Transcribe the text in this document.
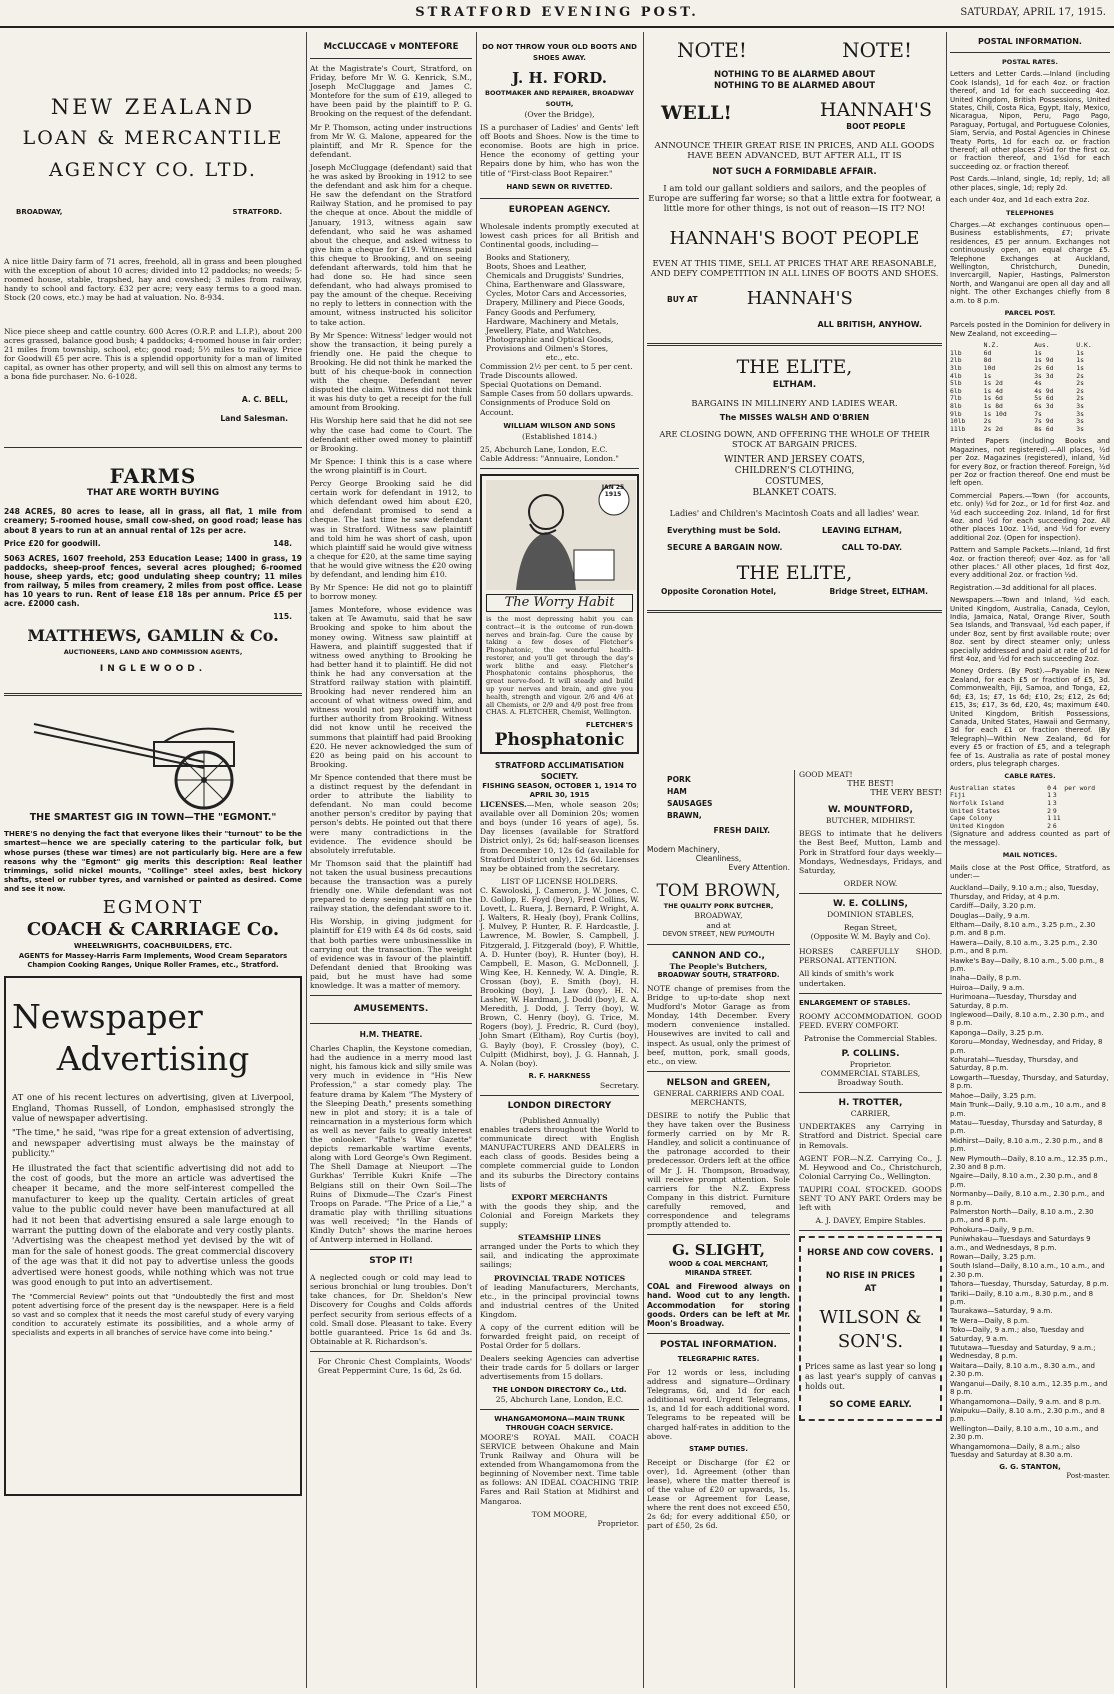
STRATFORD EVENING POST.	SATURDAY, APRIL 17, 1915.
NEW ZEALAND
LOAN & MERCANTILE
AGENCY CO. LTD.
BROADWAY,	STRATFORD.

A nice little Dairy farm of 71 acres, freehold, all in grass and been ploughed with the exception of about 10 acres; divided into 12 paddocks; no weeds; 5-roomed house, stable, trapshed, hay and cowshed; 3 miles from railway, handy to school and factory. £32 per acre; very easy terms to a good man. Stock (20 cows, etc.) may be had at valuation. No. 8-934.

Nice piece sheep and cattle country. 600 Acres (O.R.P. and L.I.P.), about 200 acres grassed, balance good bush; 4 paddocks; 4-roomed house in fair order; 21 miles from township, school, etc; good road; 5½ miles to railway. Price for Goodwill £5 per acre. This is a splendid opportunity for a man of limited capital, as owner has other property, and will sell this on almost any terms to a bona fide purchaser. No. 6-1028.

A. C. BELL,
Land Salesman.
FARMS
THAT ARE WORTH BUYING

248 ACRES, 80 acres to lease, all in grass, all flat, 1 mile from creamery; 5-roomed house, small cow-shed, on good road; lease has about 8 years to run at an annual rental of 12s per acre.

Price £20 for goodwill.	148.

5063 ACRES, 1607 freehold, 253 Education Lease; 1400 in grass, 19 paddocks, sheep-proof fences, several acres ploughed; 6-roomed house, sheep yards, etc; good undulating sheep country; 11 miles from railway, 5 miles from creamery, 2 miles from post office. Lease has 10 years to run. Rent of lease £18 18s per annum. Price £5 per acre. £2000 cash.

115.
MATTHEWS, GAMLIN & Co.
AUCTIONEERS, LAND AND COMMISSION AGENTS,
INGLEWOOD.
THE SMARTEST GIG IN TOWN—THE "EGMONT."

THERE'S no denying the fact that everyone likes their "turnout" to be the smartest—hence we are specially catering to the particular folk, but whose purses (these war times) are not particularly big. Here are a few reasons why the "Egmont" gig merits this description: Real leather trimmings, solid nickel mounts, "Collinge" steel axles, best hickory shafts, steel or rubber tyres, and varnished or painted as desired. Come and see it now.

EGMONT
COACH & CARRIAGE Co.
WHEELWRIGHTS, COACHBUILDERS, ETC.

AGENTS for Massey-Harris Farm Implements, Wood Cream Separators Champion Cooking Ranges, Unique Roller Frames, etc., Stratford.

Newspaper
Advertising

AT one of his recent lectures on advertising, given at Liverpool, England, Thomas Russell, of London, emphasised strongly the value of newspaper advertising.

"The time," he said, "was ripe for a great extension of advertising, and newspaper advertising must always be the mainstay of publicity."

He illustrated the fact that scientific advertising did not add to the cost of goods, but the more an article was advertised the cheaper it became, and the more self-interest compelled the manufacturer to keep up the quality. Certain articles of great value to the public could never have been manufactured at all had it not been that advertising ensured a sale large enough to warrant the putting down of the elaborate and very costly plants. 'Advertising was the cheapest method yet devised by the wit of man for the sale of honest goods. The great commercial discovery of the age was that it did not pay to advertise unless the goods advertised were honest goods, while nothing which was not true was good enough to put into an advertisement.

The "Commercial Review" points out that "Undoubtedly the first and most potent advertising force of the present day is the newspaper. Here is a field so vast and so complex that it needs the most careful study of every varying condition to accurately estimate its possibilities, and a whole army of specialists and experts in all branches of service have come into being."

McCLUCCAGE v MONTEFORE

At the Magistrate's Court, Stratford, on Friday, before Mr W. G. Kenrick, S.M., Joseph McCluggage and James C. Montefore for the sum of £19, alleged to have been paid by the plaintiff to P. G. Brooking on the request of the defendant.

Mr P. Thomson, acting under instructions from Mr W. G. Malone, appeared for the plaintiff, and Mr R. Spence for the defendant.

Joseph McCluggage (defendant) said that he was asked by Brooking in 1912 to see the defendant and ask him for a cheque. He saw the defendant on the Stratford Railway Station, and he promised to pay the cheque at once. About the middle of January, 1913, witness again saw defendant, who said he was ashamed about the cheque, and asked witness to give him a cheque for £19. Witness paid this cheque to Brooking, and on seeing defendant afterwards, told him that he had done so. He had since seen defendant, who had always promised to pay the amount of the cheque. Receiving no reply to letters in connection with the amount, witness instructed his solicitor to take action.

By Mr Spence: Witness' ledger would not show the transaction, it being purely a friendly one. He paid the cheque to Brooking. He did not think he marked the butt of his cheque-book in connection with the cheque. Defendant never disputed the claim. Witness did not think it was his duty to get a receipt for the full amount from Brooking.

His Worship here said that he did not see why the case had come to Court. The defendant either owed money to plaintiff or Brooking.

Mr Spence: I think this is a case where the wrong plaintiff is in Court.

Percy George Brooking said he did certain work for defendant in 1912, to which defendant owed him about £20, and defendant promised to send a cheque. The last time he saw defendant was in Stratford. Witness saw plaintiff and told him he was short of cash, upon which plaintiff said he would give witness a cheque for £20, at the same time saying that he would give witness the £20 owing by defendant, and lending him £10.

By Mr Spence: He did not go to plaintiff to borrow money.

James Montefore, whose evidence was taken at Te Awamutu, said that he saw Brooking and spoke to him about the money owing. Witness saw plaintiff at Hawera, and plaintiff suggested that if witness owed anything to Brooking he had better hand it to plaintiff. He did not think he had any conversation at the Stratford railway station with plaintiff. Brooking had never rendered him an account of what witness owed him, and witness would not pay plaintiff without further authority from Brooking. Witness did not know until he received the summons that plaintiff had paid Brooking £20. He never acknowledged the sum of £20 as being paid on his account to Brooking.

Mr Spence contended that there must be a distinct request by the defendant in order to attribute the liability to defendant. No man could become another person's creditor by paying that person's debts. He pointed out that there were many contradictions in the evidence. The evidence should be absolutely irrefutable.

Mr Thomson said that the plaintiff had not taken the usual business precautions because the transaction was a purely friendly one. While defendant was not prepared to deny seeing plaintiff on the railway station, the defendant swore to it.

His Worship, in giving judgment for plaintiff for £19 with £4 8s 6d costs, said that both parties were unbusinesslike in carrying out the transaction. The weight of evidence was in favour of the plaintiff. Defendant denied that Brooking was paid, but he must have had some knowledge. It was a matter of memory.

AMUSEMENTS.
H.M. THEATRE.

Charles Chaplin, the Keystone comedian, had the audience in a merry mood last night, his famous kick and silly smile was very much in evidence in "His New Profession," a star comedy play. The feature drama by Kalem "The Mystery of the Sleeping Death," presents something new in plot and story; it is a tale of reincarnation in a mysterious form which as well as never fails to greatly interest the onlooker. "Pathe's War Gazette" depicts remarkable wartime events, along with Lord George's Own Regiment. The Shell Damage at Nieuport —The Gurkhas' Terrible Kukri Knife —The Belgians still on their Own Soil—The Ruins of Dixmude—The Czar's Finest Troops on Parade. "The Price of a Lie," a dramatic play with thrilling situations was well received; "In the Hands of Kindly Dutch" shows the marine heroes of Antwerp interned in Holland.

STOP IT!

A neglected cough or cold may lead to serious bronchial or lung troubles. Don't take chances, for Dr. Sheldon's New Discovery for Coughs and Colds affords perfect security from serious effects of a cold. Small dose. Pleasant to take. Every bottle guaranteed. Price 1s 6d and 3s. Obtainable at R. Richardson's.

For Chronic Chest Complaints, Woods' Great Peppermint Cure, 1s 6d, 2s 6d.

DO NOT THROW YOUR OLD BOOTS AND SHOES AWAY.
J. H. FORD.
BOOTMAKER AND REPAIRER, BROADWAY SOUTH,
(Over the Bridge),

IS a purchaser of Ladies' and Gents' left off Boots and Shoes. Now is the time to economise. Boots are high in price. Hence the economy of getting your Repairs done by him, who has won the title of "First-class Boot Repairer."

HAND SEWN OR RIVETTED.
EUROPEAN AGENCY.

Wholesale indents promptly executed at lowest cash prices for all British and Continental goods, including—

Books and Stationery,
Boots, Shoes and Leather,
Chemicals and Druggists' Sundries,
China, Earthenware and Glassware,
Cycles, Motor Cars and Accessories,
Drapery, Millinery and Piece Goods,
Fancy Goods and Perfumery,
Hardware, Machinery and Metals,
Jewellery, Plate, and Watches,
Photographic and Optical Goods,
Provisions and Oilmen's Stores,
etc., etc.
Commission 2½ per cent. to 5 per cent.
Trade Discounts allowed.
Special Quotations on Demand.
Sample Cases from 50 dollars upwards.
Consignments of Produce Sold on Account.
WILLIAM WILSON AND SONS
(Established 1814.)
25, Abchurch Lane, London, E.C.
Cable Address: "Annuaire, London."
JAN 25 1915
The Worry Habit

is the most depressing habit you can contract—it is the outcome of run-down nerves and brain-fag. Cure the cause by taking a few doses of Fletcher's Phosphatonic, the wonderful health-restorer, and you'll get through the day's work blithe and easy. Fletcher's Phosphatonic contains phosphorus, the great nerve-food. It will steady and build up your nerves and brain, and give you health, strength and vigour. 2/6 and 4/6 at all Chemists, or 2/9 and 4/9 post free from CHAS. A. FLETCHER, Chemist, Wellington.

FLETCHER'S
Phosphatonic
STRATFORD ACCLIMATISATION SOCIETY.
FISHING SEASON, OCTOBER 1, 1914 TO APRIL 30, 1915

LICENSES.—Men, whole season 20s; available over all Dominion 20s; women and boys (under 16 years of age), 5s. Day licenses (available for Stratford District only), 2s 6d; half-season licenses from December 10, 12s 6d (available for Stratford District only), 12s 6d. Licenses may be obtained from the secretary.

LIST OF LICENSE HOLDERS.

C. Kawoloski, J. Cameron, J. W. Jones, C. D. Gollop, E. Foyd (boy), Fred Collins, W. Lovett, L. Ruera, J. Bernard, P. Wright, A. J. Walters, R. Healy (boy), Frank Collins, J. Mulvey, P. Hunter, R. F. Hardcastle, J. Lawrence, M. Bowler, S. Campbell, J. Fitzgerald, J. Fitzgerald (boy), F. Whittle, A. D. Hunter (boy), R. Hunter (boy), H. Campbell, E. Mason, G. McDonnell, J. Wing Kee, H. Kennedy, W. A. Dingle, R. Crossan (boy), E. Smith (boy), H. Brooking (boy), J. Law (boy), H. N. Lasher, W. Hardman, J. Dodd (boy), E. A. Meredith, J. Dodd, J. Terry (boy), W. Brown, C. Henry (boy), G. Trice, M. Rogers (boy), J. Fredric, R. Curd (boy), John Smart (Eltham), Roy Curtis (boy), G. Bayly (boy), F. Crossley (boy), C. Culpitt (Midhirst, boy), J. G. Hannah, J. A. Nolan (boy).

R. F. HARKNESS
Secretary.
LONDON DIRECTORY
(Published Annually)

enables traders throughout the World to communicate direct with English MANUFACTURERS AND DEALERS in each class of goods. Besides being a complete commercial guide to London and its suburbs the Directory contains lists of

EXPORT MERCHANTS

with the goods they ship, and the Colonial and Foreign Markets they supply;

STEAMSHIP LINES

arranged under the Ports to which they sail, and indicating the approximate sailings;

PROVINCIAL TRADE NOTICES

of leading Manufacturers, Merchants, etc., in the principal provincial towns and industrial centres of the United Kingdom.

A copy of the current edition will be forwarded freight paid, on receipt of Postal Order for 5 dollars.

Dealers seeking Agencies can advertise their trade cards for 5 dollars or larger advertisements from 15 dollars.

THE LONDON DIRECTORY Co., Ltd.
25, Abchurch Lane, London, E.C.
WHANGAMOMONA—MAIN TRUNK THROUGH COACH SERVICE.

MOORE'S ROYAL MAIL COACH SERVICE between Ohakune and Main Trunk Railway and Ohura will be extended from Whangamomona from the beginning of November next. Time table as follows: AN IDEAL COACHING TRIP. Fares and Rail Station at Midhirst and Mangaroa.

TOM MOORE,
Proprietor.
NOTE!	NOTE!
NOTHING TO BE ALARMED ABOUT
NOTHING TO BE ALARMED ABOUT
WELL!	HANNAH'S
BOOT PEOPLE

ANNOUNCE THEIR GREAT RISE IN PRICES, AND ALL GOODS HAVE BEEN ADVANCED, BUT AFTER ALL, IT IS

NOT SUCH A FORMIDABLE AFFAIR.

I am told our gallant soldiers and sailors, and the peoples of Europe are suffering far worse; so that a little extra for footwear, a little more for other things, is not out of reason—IS IT? NO!

HANNAH'S BOOT PEOPLE

EVEN AT THIS TIME, SELL AT PRICES THAT ARE REASONABLE, AND DEFY COMPETITION IN ALL LINES OF BOOTS AND SHOES.

BUY AT	HANNAH'S
ALL BRITISH, ANYHOW.
THE ELITE,
ELTHAM.
BARGAINS IN MILLINERY AND LADIES WEAR.
The MISSES WALSH AND O'BRIEN

ARE CLOSING DOWN, AND OFFERING THE WHOLE OF THEIR STOCK AT BARGAIN PRICES.

WINTER AND JERSEY COATS,
CHILDREN'S CLOTHING,
COSTUMES,
BLANKET COATS.
Ladies' and Children's Macintosh Coats and all ladies' wear.
Everything must be Sold.	LEAVING ELTHAM,
SECURE A BARGAIN NOW.	CALL TO-DAY.
THE ELITE,
Opposite Coronation Hotel,	Bridge Street, ELTHAM.
PORK
HAM
SAUSAGES
BRAWN,
FRESH DAILY.
Modern Machinery,
Cleanliness,
Every Attention.
TOM BROWN,
THE QUALITY PORK BUTCHER,
BROADWAY,
and at
DEVON STREET, NEW PLYMOUTH
CANNON AND CO.,
The People's Butchers,
BROADWAY SOUTH, STRATFORD.

NOTE change of premises from the Bridge to up-to-date shop next Mudford's Motor Garage as from Monday, 14th December. Every modern convenience installed. Housewives are invited to call and inspect. As usual, only the primest of beef, mutton, pork, small goods, etc., on view.

NELSON and GREEN,
GENERAL CARRIERS AND COAL MERCHANTS,

DESIRE to notify the Public that they have taken over the Business formerly carried on by Mr R. Handley, and solicit a continuance of the patronage accorded to their predecessor. Orders left at the office of Mr J. H. Thompson, Broadway, will receive prompt attention. Sole carriers for the N.Z. Express Company in this district. Furniture carefully removed, and correspondence and telegrams promptly attended to.

G. SLIGHT,
WOOD & COAL MERCHANT,
MIRANDA STREET.

COAL and Firewood always on hand. Wood cut to any length. Accommodation for storing goods. Orders can be left at Mr. Moon's Broadway.

POSTAL INFORMATION.
TELEGRAPHIC RATES.

For 12 words or less, including address and signature—Ordinary Telegrams, 6d, and 1d for each additional word. Urgent Telegrams, 1s, and 1d for each additional word. Telegrams to be repeated will be charged half-rates in addition to the above.

STAMP DUTIES.

Receipt or Discharge (for £2 or over), 1d. Agreement (other than lease), where the matter thereof is of the value of £20 or upwards, 1s. Lease or Agreement for Lease, where the rent does not exceed £50, 2s 6d; for every additional £50, or part of £50, 2s 6d.

GOOD MEAT!
THE BEST!
THE VERY BEST!
W. MOUNTFORD,
BUTCHER, MIDHIRST.

BEGS to intimate that he delivers the Best Beef, Mutton, Lamb and Pork in Stratford four days weekly—Mondays, Wednesdays, Fridays, and Saturday,

ORDER NOW.
W. E. COLLINS,
DOMINION STABLES,
Regan Street,
(Opposite W. M. Bayly and Co).

HORSES CAREFULLY SHOD. PERSONAL ATTENTION.

All kinds of smith's work undertaken.
ENLARGEMENT OF STABLES.

ROOMY ACCOMMODATION. GOOD FEED. EVERY COMFORT.

Patronise the Commercial Stables.
P. COLLINS.
Proprietor.
COMMERCIAL STABLES,
Broadway South.
H. TROTTER,
CARRIER,

UNDERTAKES any Carrying in Stratford and District. Special care in Removals.

AGENT FOR—N.Z. Carrying Co., J. M. Heywood and Co., Christchurch, Colonial Carrying Co., Wellington.

TAUPIRI COAL STOCKED. GOODS SENT TO ANY PART. Orders may be left with

A. J. DAVEY, Empire Stables.
HORSE AND COW COVERS.
NO RISE IN PRICES AT
WILSON & SON'S.

Prices same as last year so long as last year's supply of canvas holds out.

SO COME EARLY.
POSTAL INFORMATION.
POSTAL RATES.

Letters and Letter Cards.—Inland (including Cook Islands), 1d for each 4oz. or fraction thereof, and 1d for each succeeding 4oz. United Kingdom, British Possessions, United States, Chili, Costa Rica, Egypt, Italy, Mexico, Nicaragua, Nipon, Peru, Pago Pago, Paraguay, Portugal, and Portuguese Colonies, Siam, Servia, and Postal Agencies in Chinese Treaty Ports, 1d for each oz. or fraction thereof; all other places 2½d for the first oz. or fraction thereof, and 1½d for each succeeding oz. or fraction thereof.

Post Cards.—Inland, single, 1d; reply, 1d; all other places, single, 1d; reply 2d.

each under 4oz, and 1d each extra 2oz.

TELEPHONES

Charges.—At exchanges continuous open—Business establishments, £7; private residences, £5 per annum. Exchanges not continuously open, an equal charge £5. Telephone Exchanges at Auckland, Wellington, Christchurch, Dunedin, Invercargill, Napier, Hastings, Palmerston North, and Wanganui are open all day and all night. The other Exchanges chiefly from 8 a.m. to 8 p.m.

PARCEL POST.

Parcels posted in the Dominion for delivery in New Zealand, not exceeding—

	N.Z.	Aus.	U.K.
1lb	6d	1s	1s
2lb	8d	1s 9d	1s
3lb	10d	2s 6d	1s
4lb	1s	3s 3d	2s
5lb	1s 2d	4s	2s
6lb	1s 4d	4s 9d	2s
7lb	1s 6d	5s 6d	2s
8lb	1s 8d	6s 3d	3s
9lb	1s 10d	7s	3s
10lb	2s	7s 9d	3s
11lb	2s 2d	8s 6d	3s

Printed Papers (including Books and Magazines, not registered).—All places, ½d per 2oz. Magazines (registered), inland, ½d for every 8oz, or fraction thereof. Foreign, ½d per 2oz or fraction thereof. One end must be left open.

Commercial Papers.—Town (for accounts, etc. only) ½d for 2oz., or 1d for first 4oz. and ½d each succeeding 2oz. Inland, 1d for first 4oz. and ½d for each succeeding 2oz. All other places 10oz. 1½d, and ½d for every additional 2oz. (Open for inspection).

Pattern and Sample Packets.—Inland, 1d first 4oz. or fraction thereof; over 4oz. as for 'all other places.' All other places, 1d first 4oz, every additional 2oz. or fraction ½d.

Registration.—3d additional for all places.

Newspapers.—Town and Inland, ½d each. United Kingdom, Australia, Canada, Ceylon, India, Jamaica, Natal, Orange River, South Sea Islands, and Transvaal, ½d each paper, if under 8oz, sent by first available route; over 8oz. sent by direct steamer only; unless specially addressed and paid at rate of 1d for first 4oz, and ½d for each succeeding 2oz.

Money Orders. (By Post).—Payable in New Zealand, for each £5 or fraction of £5, 3d. Commonwealth, Fiji, Samoa, and Tonga, £2, 6d; £3, 1s; £7, 1s 6d; £10, 2s; £12, 2s 6d; £15, 3s; £17, 3s 6d, £20, 4s; maximum £40. United Kingdom, British Possessions, Canada, United States, Hawaii and Germany, 3d for each £1 or fraction thereof. (By Telegraph)—Within New Zealand, 6d for every £5 or fraction of £5, and a telegraph fee of 1s. Australia as rate of postal money orders, plus telegraph charges.

CABLE RATES.
Australian states	0	4	per word
Fiji	1	3	
Norfolk Island	1	3	
United States	2	9	
Cape Colony	1	11	
United Kingdom	2	6	

(Signature and address counted as part of the message).

MAIL NOTICES.

Mails close at the Post Office, Stratford, as under:—

Auckland—Daily, 9.10 a.m.; also, Tuesday, Thursday, and Friday, at 4 p.m.
Cardiff—Daily, 3.20 p.m.
Douglas—Daily, 9 a.m.
Eltham—Daily, 8.10 a.m., 3.25 p.m., 2.30 p.m. and 8 p.m.
Hawera—Daily, 8.10 a.m., 3.25 p.m., 2.30 p.m., and 8 p.m.
Hawke's Bay—Daily, 8.10 a.m., 5.00 p.m., 8 p.m.
Inaha—Daily, 8 p.m.
Huiroa—Daily, 9 a.m.
Hurimoana—Tuesday, Thursday and Saturday, 8 p.m.
Inglewood—Daily, 8.10 a.m., 2.30 p.m., and 8 p.m.
Kaponga—Daily, 3.25 p.m.
Kororu—Monday, Wednesday, and Friday, 8 p.m.
Kohuratahi—Tuesday, Thursday, and Saturday, 8 p.m.
Lowgarth—Tuesday, Thursday, and Saturday, 8 p.m.
Mahoe—Daily, 3.25 p.m.
Main Trunk—Daily, 9.10 a.m., 10 a.m., and 8 p.m.
Matau—Tuesday, Thursday and Saturday, 8 p.m.
Midhirst—Daily, 8.10 a.m., 2.30 p.m., and 8 p.m.
New Plymouth—Daily, 8.10 a.m., 12.35 p.m., 2.30 and 8 p.m.
Ngaire—Daily, 8.10 a.m., 2.30 p.m., and 8 p.m.
Normanby—Daily, 8.10 a.m., 2.30 p.m., and 8 p.m.
Palmerston North—Daily, 8.10 a.m., 2.30 p.m., and 8 p.m.
Pohokura—Daily, 9 p.m.
Puniwhakau—Tuesdays and Saturdays 9 a.m., and Wednesdays, 8 p.m.
Rowan—Daily, 3.25 p.m.
South Island—Daily, 8.10 a.m., 10 a.m., and 2.30 p.m.
Tahora—Tuesday, Thursday, Saturday, 8 p.m.
Tariki—Daily, 8.10 a.m., 8.30 p.m., and 8 p.m.
Taurakawa—Saturday, 9 a.m.
Te Wera—Daily, 8 p.m.
Toko—Daily, 9 a.m.; also, Tuesday and Saturday, 9 a.m.
Tututawa—Tuesday and Saturday, 9 a.m.; Wednesday, 8 p.m.
Waitara—Daily, 8.10 a.m., 8.30 a.m., and 2.30 p.m.
Wanganui—Daily, 8.10 a.m., 12.35 p.m., and 8 p.m.
Whangamomona—Daily, 9 a.m. and 8 p.m.
Waipuku—Daily, 8.10 a.m., 2.30 p.m., and 8 p.m.
Wellington—Daily, 8.10 a.m., 10 a.m., and 2.30 p.m.
Whangamomona—Daily, 8 a.m.; also Tuesday and Saturday at 8.30 a.m.
G. G. STANTON,
Post-master.
